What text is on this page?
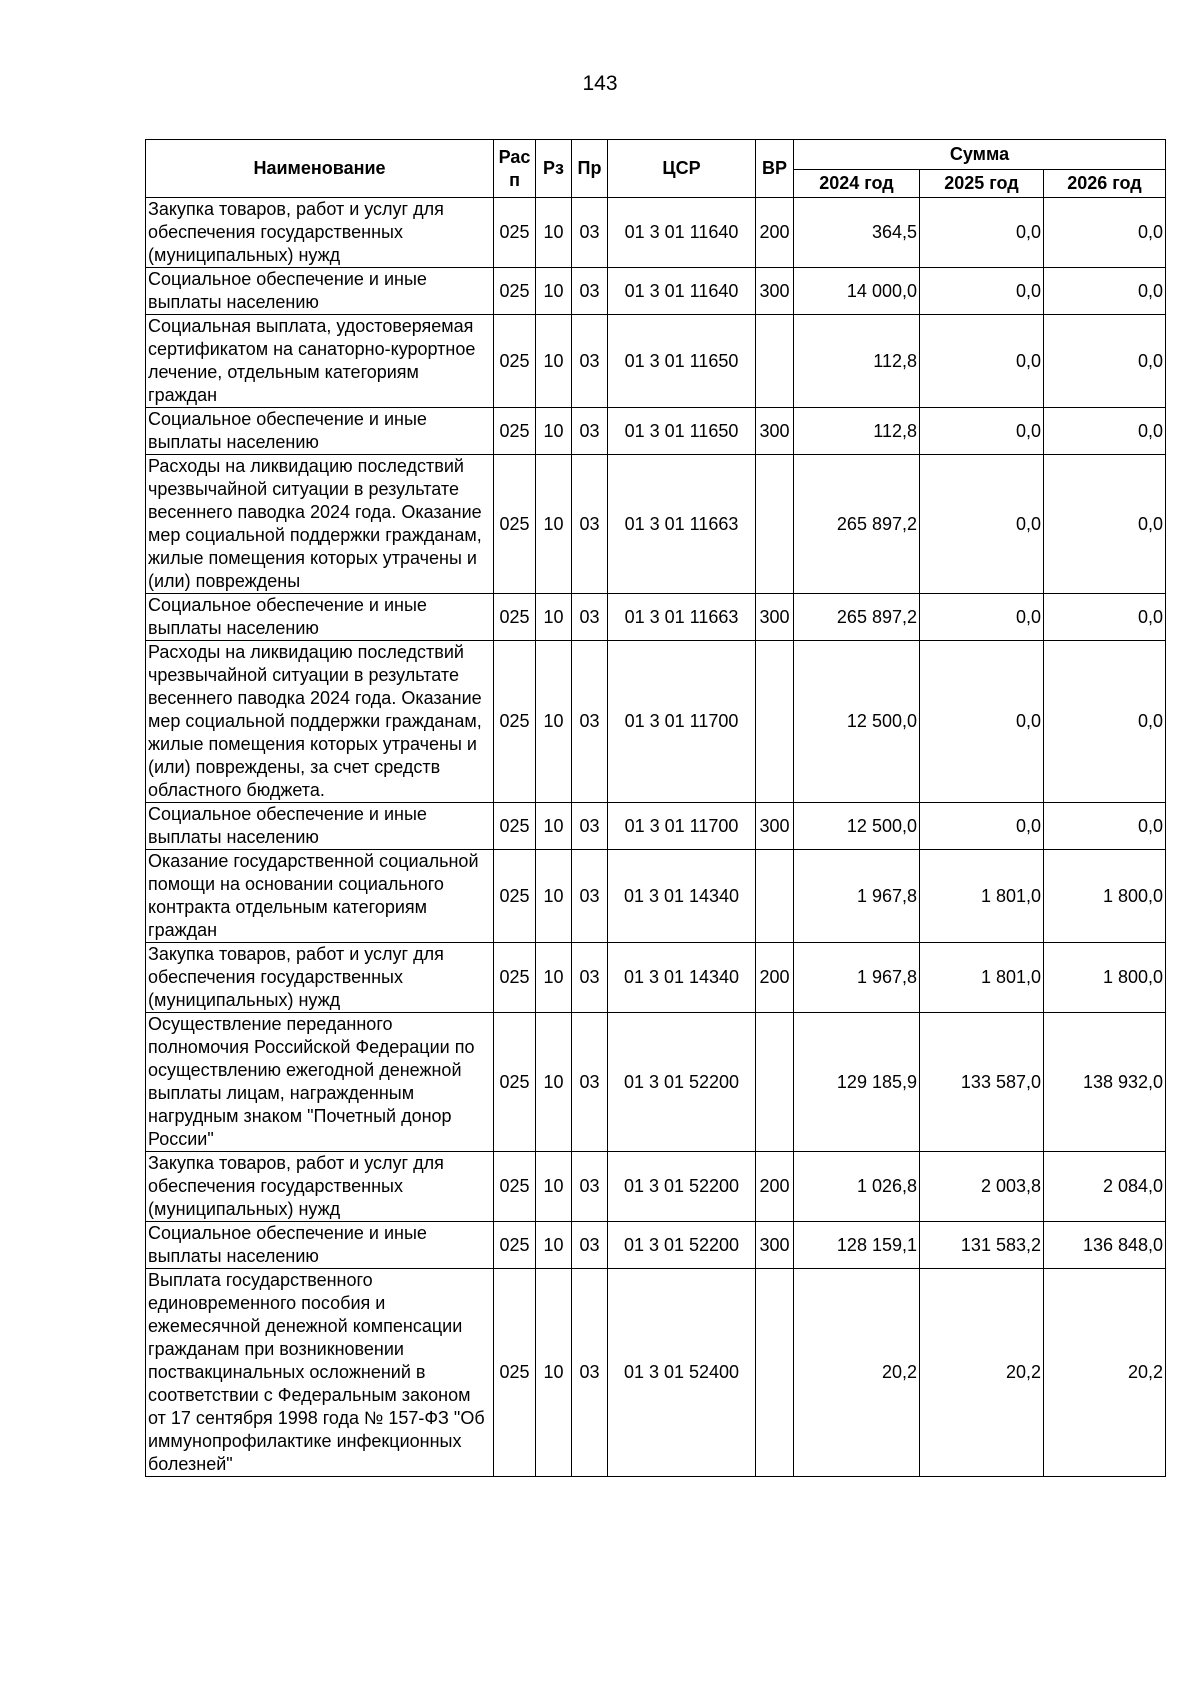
143
Наименование	Рас п	Рз	Пр	ЦСР	ВР	Сумма		
						2024 год	2025 год	2026 год
Закупка товаров, работ и услуг для обеспечения государственных (муниципальных) нужд	025	10	03	01 3 01 11640	200	364,5	0,0	0,0
Социальное обеспечение и иные выплаты населению	025	10	03	01 3 01 11640	300	14 000,0	0,0	0,0
Социальная выплата, удостоверяемая сертификатом на санаторно-курортное лечение, отдельным категориям граждан	025	10	03	01 3 01 11650		112,8	0,0	0,0
Социальное обеспечение и иные выплаты населению	025	10	03	01 3 01 11650	300	112,8	0,0	0,0
Расходы на ликвидацию последствий чрезвычайной ситуации в результате весеннего паводка 2024 года. Оказание мер социальной поддержки гражданам, жилые помещения которых утрачены и (или) повреждены	025	10	03	01 3 01 11663		265 897,2	0,0	0,0
Социальное обеспечение и иные выплаты населению	025	10	03	01 3 01 11663	300	265 897,2	0,0	0,0
Расходы на ликвидацию последствий чрезвычайной ситуации в результате весеннего паводка 2024 года. Оказание мер социальной поддержки гражданам, жилые помещения которых утрачены и (или) повреждены, за счет средств областного бюджета.	025	10	03	01 3 01 11700		12 500,0	0,0	0,0
Социальное обеспечение и иные выплаты населению	025	10	03	01 3 01 11700	300	12 500,0	0,0	0,0
Оказание государственной социальной помощи на основании социального контракта отдельным категориям граждан	025	10	03	01 3 01 14340		1 967,8	1 801,0	1 800,0
Закупка товаров, работ и услуг для обеспечения государственных (муниципальных) нужд	025	10	03	01 3 01 14340	200	1 967,8	1 801,0	1 800,0
Осуществление переданного полномочия Российской Федерации по осуществлению ежегодной денежной выплаты лицам, награжденным нагрудным знаком "Почетный донор России"	025	10	03	01 3 01 52200		129 185,9	133 587,0	138 932,0
Закупка товаров, работ и услуг для обеспечения государственных (муниципальных) нужд	025	10	03	01 3 01 52200	200	1 026,8	2 003,8	2 084,0
Социальное обеспечение и иные выплаты населению	025	10	03	01 3 01 52200	300	128 159,1	131 583,2	136 848,0
Выплата государственного единовременного пособия и ежемесячной денежной компенсации гражданам при возникновении поствакцинальных осложнений в соответствии с Федеральным законом от 17 сентября 1998 года № 157-ФЗ "Об иммунопрофилактике инфекционных болезней"	025	10	03	01 3 01 52400		20,2	20,2	20,2
